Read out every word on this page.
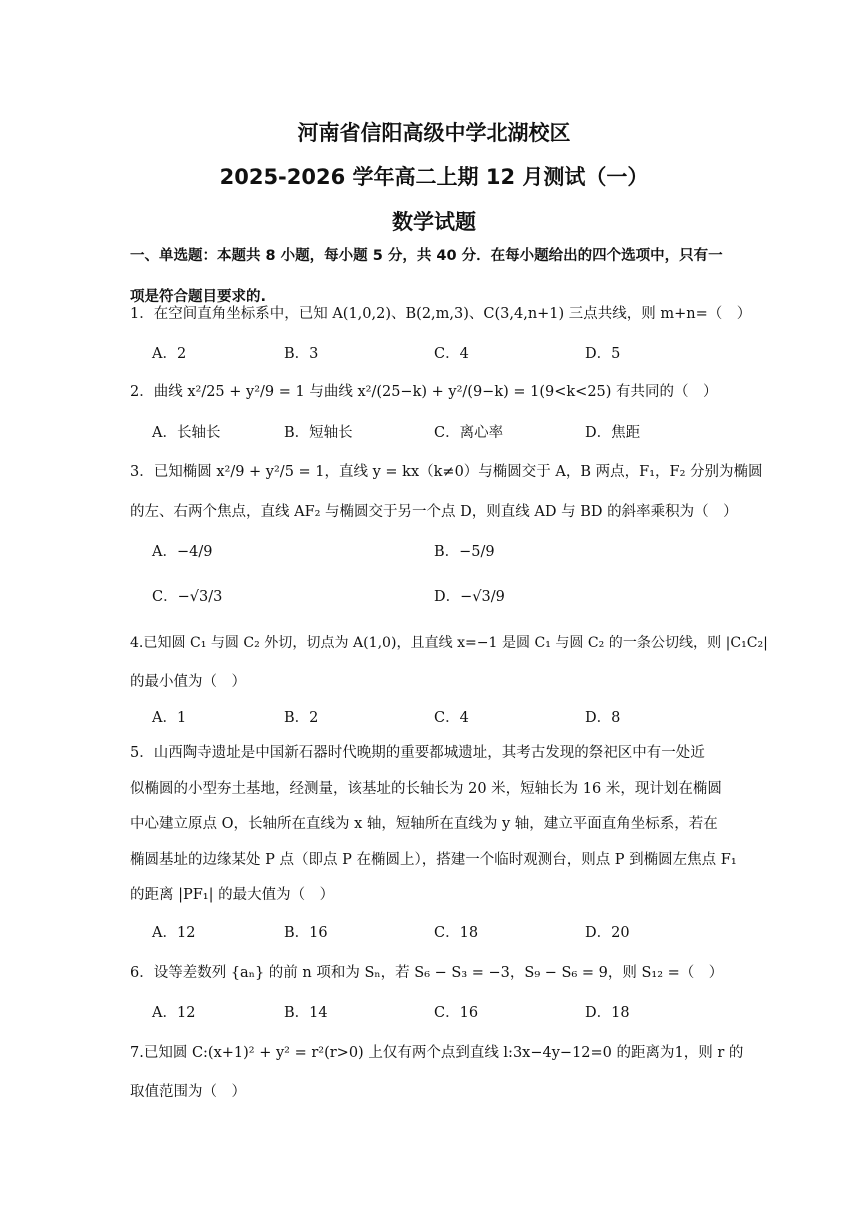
河南省信阳高级中学北湖校区
2025-2026 学年高二上期 12 月测试（一）
数学试题
一、单选题：本题共 8 小题，每小题 5 分，共 40 分．在每小题给出的四个选项中，只有一
项是符合题目要求的.
1．在空间直角坐标系中，已知 A(1,0,2)、B(2,m,3)、C(3,4,n+1) 三点共线，则 m+n=（　）
A．2	B．3	C．4	D．5
2．曲线 x²/25 + y²/9 = 1 与曲线 x²/(25−k) + y²/(9−k) = 1(9<k<25) 有共同的（　）
A．长轴长	B．短轴长	C．离心率	D．焦距
3．已知椭圆 x²/9 + y²/5 = 1，直线 y = kx（k≠0）与椭圆交于 A，B 两点，F₁，F₂ 分别为椭圆
的左、右两个焦点，直线 AF₂ 与椭圆交于另一个点 D，则直线 AD 与 BD 的斜率乘积为（　）
A．−4/9	B．−5/9
C．−√3/3	D．−√3/9
4.已知圆 C₁ 与圆 C₂ 外切，切点为 A(1,0)，且直线 x=−1 是圆 C₁ 与圆 C₂ 的一条公切线，则 |C₁C₂|
的最小值为（　）
A．1	B．2	C．4	D．8
5．山西陶寺遗址是中国新石器时代晚期的重要都城遗址，其考古发现的祭祀区中有一处近
似椭圆的小型夯土基地，经测量，该基址的长轴长为 20 米，短轴长为 16 米，现计划在椭圆
中心建立原点 O，长轴所在直线为 x 轴，短轴所在直线为 y 轴，建立平面直角坐标系，若在
椭圆基址的边缘某处 P 点（即点 P 在椭圆上），搭建一个临时观测台，则点 P 到椭圆左焦点 F₁
的距离 |PF₁| 的最大值为（　）
A．12	B．16	C．18	D．20
6．设等差数列 {aₙ} 的前 n 项和为 Sₙ，若 S₆ − S₃ = −3，S₉ − S₆ = 9，则 S₁₂ =（　）
A．12	B．14	C．16	D．18
7.已知圆 C:(x+1)² + y² = r²(r>0) 上仅有两个点到直线 l:3x−4y−12=0 的距离为1，则 r 的
取值范围为（　）
